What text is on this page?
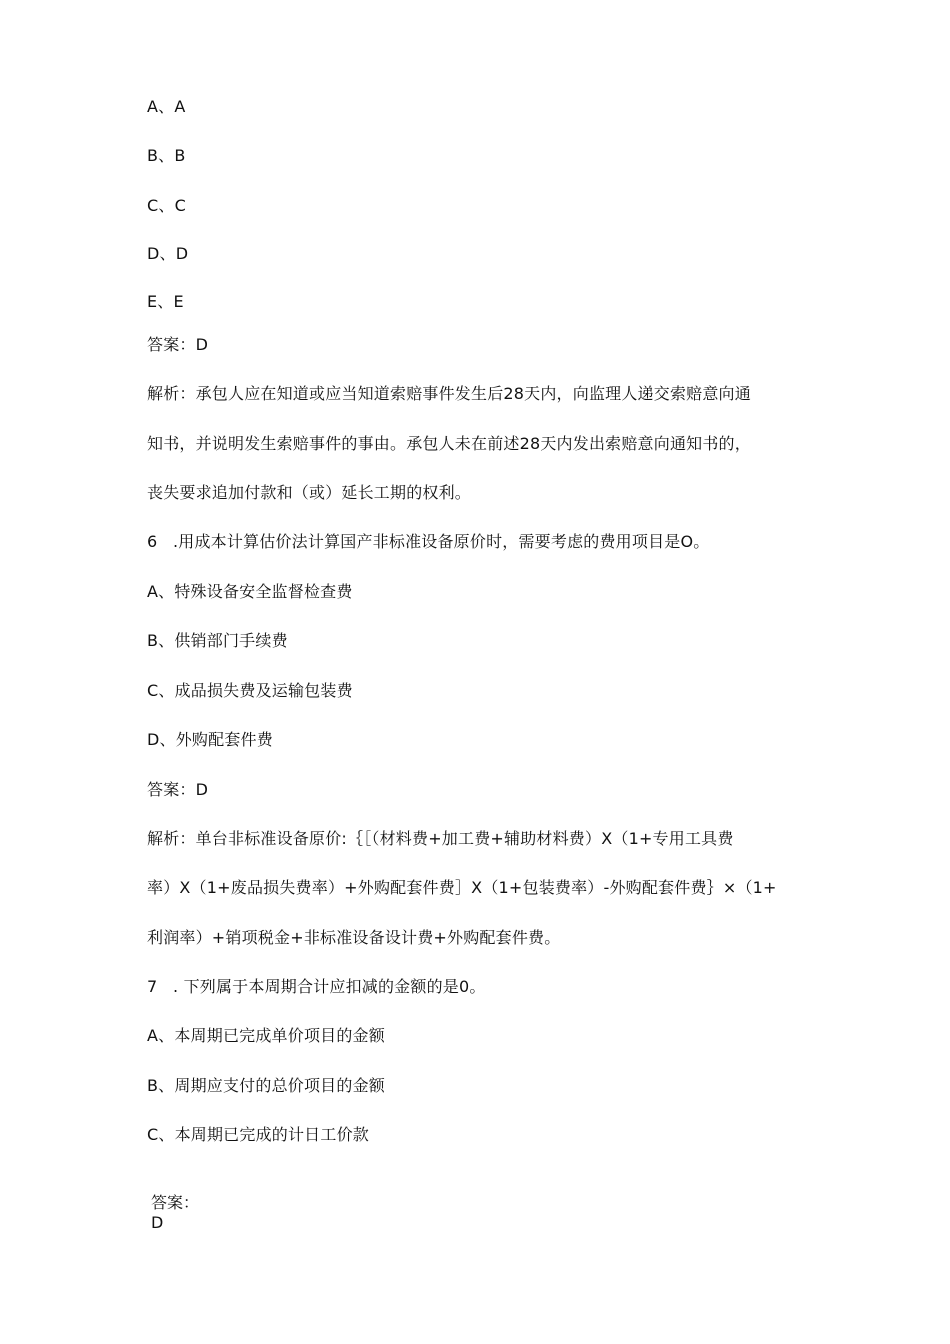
A、A
B、B
C、C
D、D
E、E
答案：D
解析：承包人应在知道或应当知道索赔事件发生后28天内，向监理人递交索赔意向通
知书，并说明发生索赔事件的事由。承包人未在前述28天内发出索赔意向通知书的，
丧失要求追加付款和（或）延长工期的权利。
6 .用成本计算估价法计算国产非标准设备原价时，需要考虑的费用项目是O。
A、特殊设备安全监督检查费
B、供销部门手续费
C、成品损失费及运输包装费
D、外购配套件费
答案：D
解析：单台非标准设备原价:｛［（材料费+加工费+辅助材料费）X（1+专用工具费
率）X（1+废品损失费率）+外购配套件费］X（1+包装费率）-外购配套件费｝×（1+
利润率）+销项税金+非标准设备设计费+外购配套件费。
7 . 下列属于本周期合计应扣减的金额的是0。
A、本周期已完成单价项目的金额
B、周期应支付的总价项目的金额
C、本周期已完成的计日工价款
答案：
D
